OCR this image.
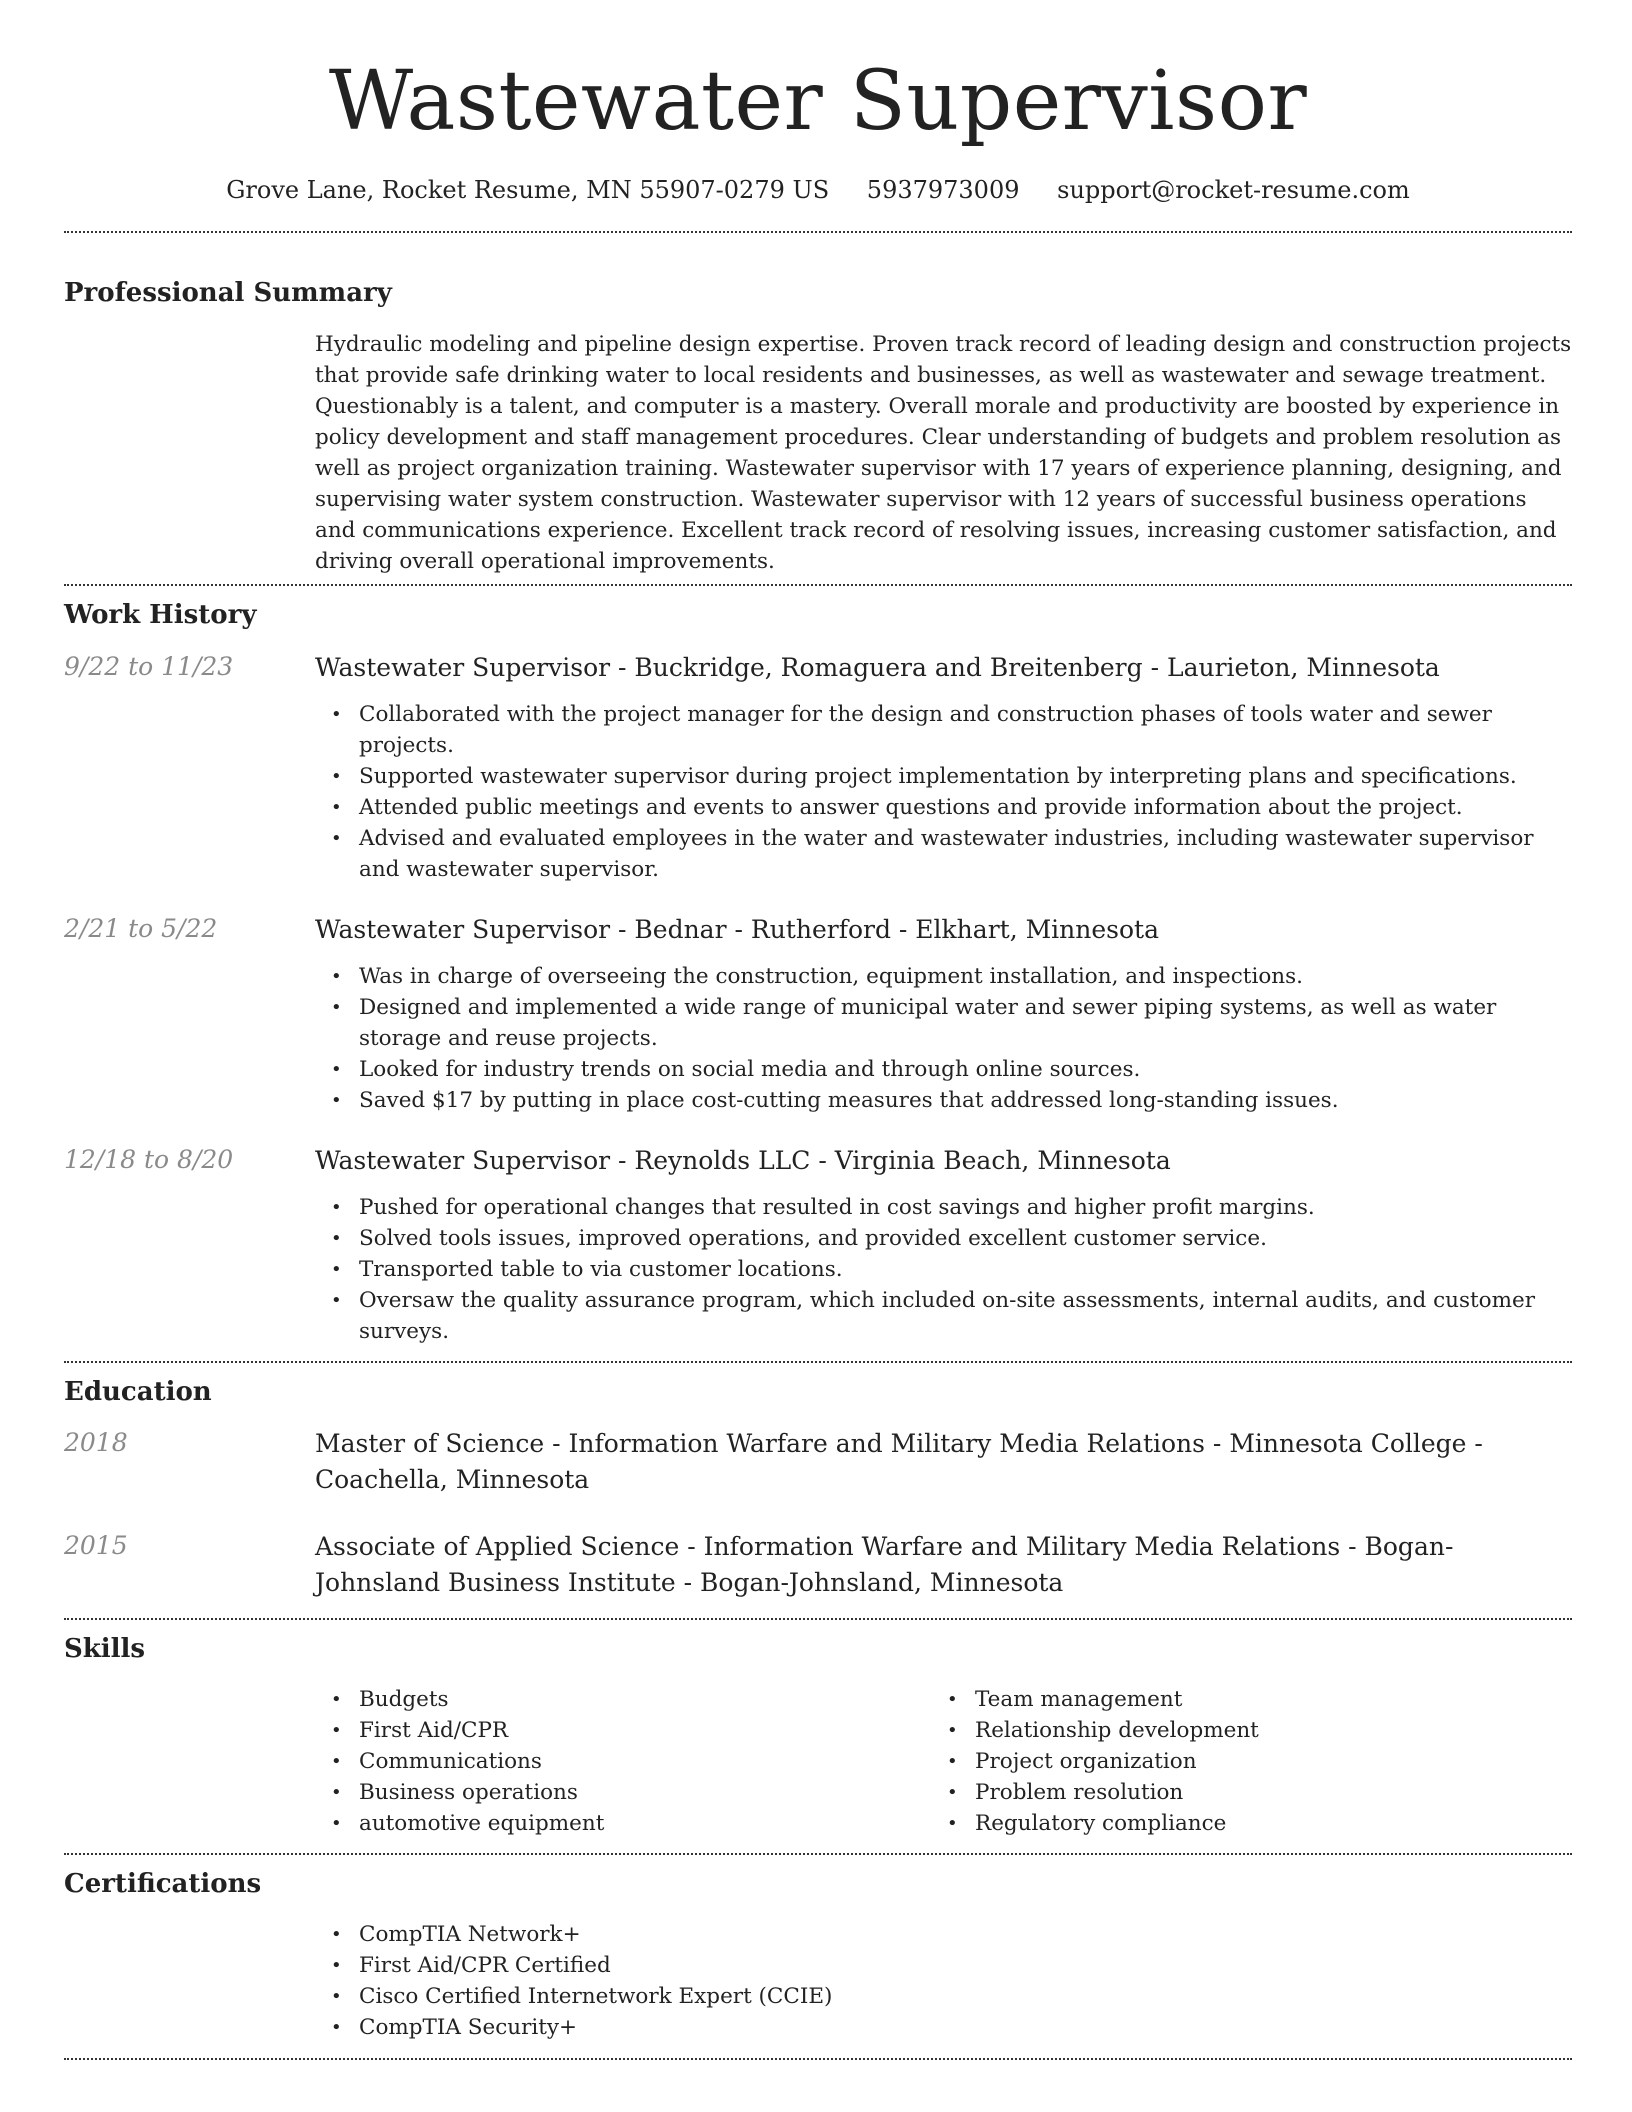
Wastewater Supervisor
Grove Lane, Rocket Resume, MN 55907-0279 US 5937973009 support@rocket-resume.com
Professional Summary

Hydraulic modeling and pipeline design expertise. Proven track record of leading design and construction projects that provide safe drinking water to local residents and businesses, as well as wastewater and sewage treatment. Questionably is a talent, and computer is a mastery. Overall morale and productivity are boosted by experience in policy development and staff management procedures. Clear understanding of budgets and problem resolution as well as project organization training. Wastewater supervisor with 17 years of experience planning, designing, and supervising water system construction. Wastewater supervisor with 12 years of successful business operations and communications experience. Excellent track record of resolving issues, increasing customer satisfaction, and driving overall operational improvements.

Work History
9/22 to 11/23	Wastewater Supervisor - Buckridge, Romaguera and Breitenberg - Laurieton, Minnesota
• Collaborated with the project manager for the design and construction phases of tools water and sewer projects.
• Supported wastewater supervisor during project implementation by interpreting plans and specifications.
• Attended public meetings and events to answer questions and provide information about the project.
• Advised and evaluated employees in the water and wastewater industries, including wastewater supervisor and wastewater supervisor.
2/21 to 5/22	Wastewater Supervisor - Bednar - Rutherford - Elkhart, Minnesota
• Was in charge of overseeing the construction, equipment installation, and inspections.
• Designed and implemented a wide range of municipal water and sewer piping systems, as well as water storage and reuse projects.
• Looked for industry trends on social media and through online sources.
• Saved $17 by putting in place cost-cutting measures that addressed long-standing issues.
12/18 to 8/20	Wastewater Supervisor - Reynolds LLC - Virginia Beach, Minnesota
• Pushed for operational changes that resulted in cost savings and higher profit margins.
• Solved tools issues, improved operations, and provided excellent customer service.
• Transported table to via customer locations.
• Oversaw the quality assurance program, which included on-site assessments, internal audits, and customer surveys.
Education
2018	Master of Science - Information Warfare and Military Media Relations - Minnesota College - Coachella, Minnesota
2015	Associate of Applied Science - Information Warfare and Military Media Relations - Bogan-Johnsland Business Institute - Bogan-Johnsland, Minnesota
Skills
• Budgets
• First Aid/CPR
• Communications
• Business operations
• automotive equipment
• Team management
• Relationship development
• Project organization
• Problem resolution
• Regulatory compliance
Certifications
• CompTIA Network+
• First Aid/CPR Certified
• Cisco Certified Internetwork Expert (CCIE)
• CompTIA Security+
